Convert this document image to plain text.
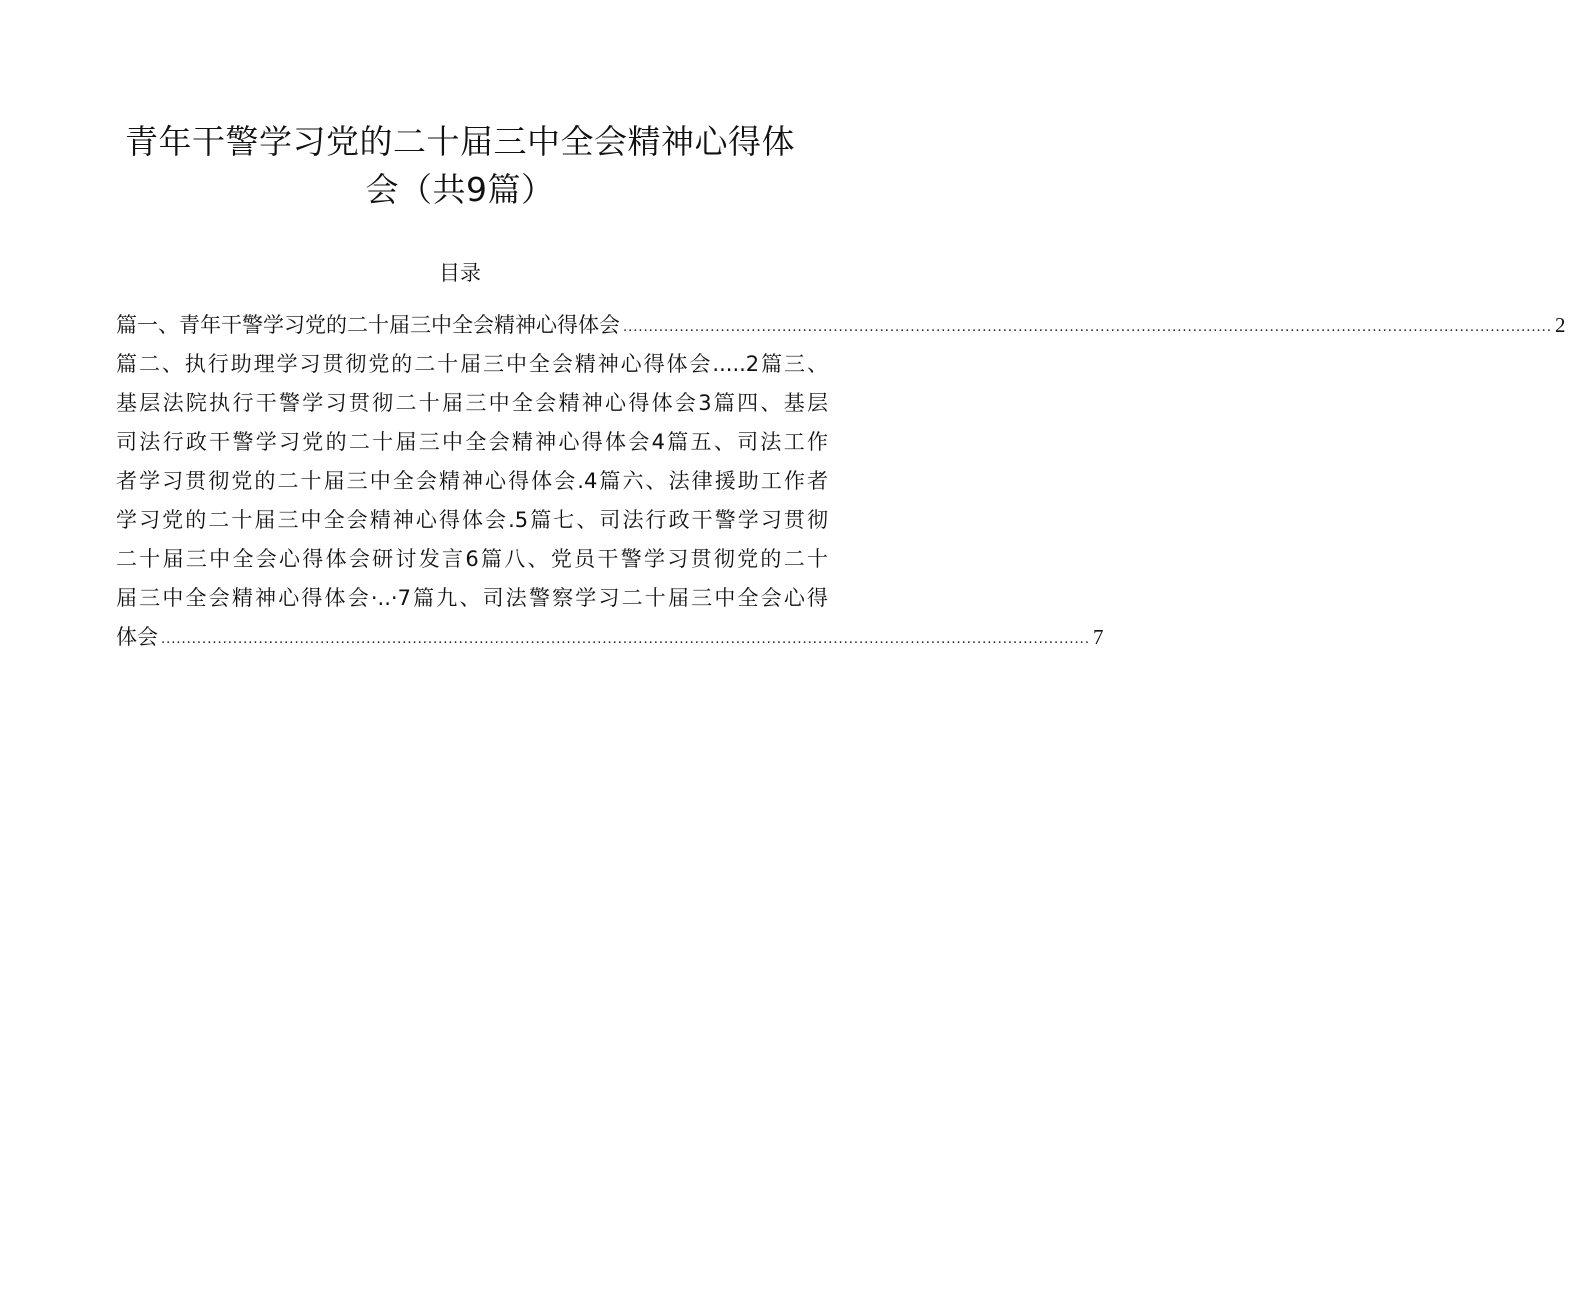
青年干警学习党的二十届三中全会精神心得体
会（共9篇）
目录
篇一、青年干警学习党的二十届三中全会精神心得体会 ..................................................................................................................................................................................... 2
篇二、执行助理学习贯彻党的二十届三中全会精神心得体会.....2篇三、
基层法院执行干警学习贯彻二十届三中全会精神心得体会3篇四、基层
司法行政干警学习党的二十届三中全会精神心得体会4篇五、司法工作
者学习贯彻党的二十届三中全会精神心得体会.4篇六、法律援助工作者
学习党的二十届三中全会精神心得体会.5篇七、司法行政干警学习贯彻
二十届三中全会心得体会研讨发言6篇八、党员干警学习贯彻党的二十
届三中全会精神心得体会·..·7篇九、司法警察学习二十届三中全会心得
体会 ..................................................................................................................................................................................... 7
